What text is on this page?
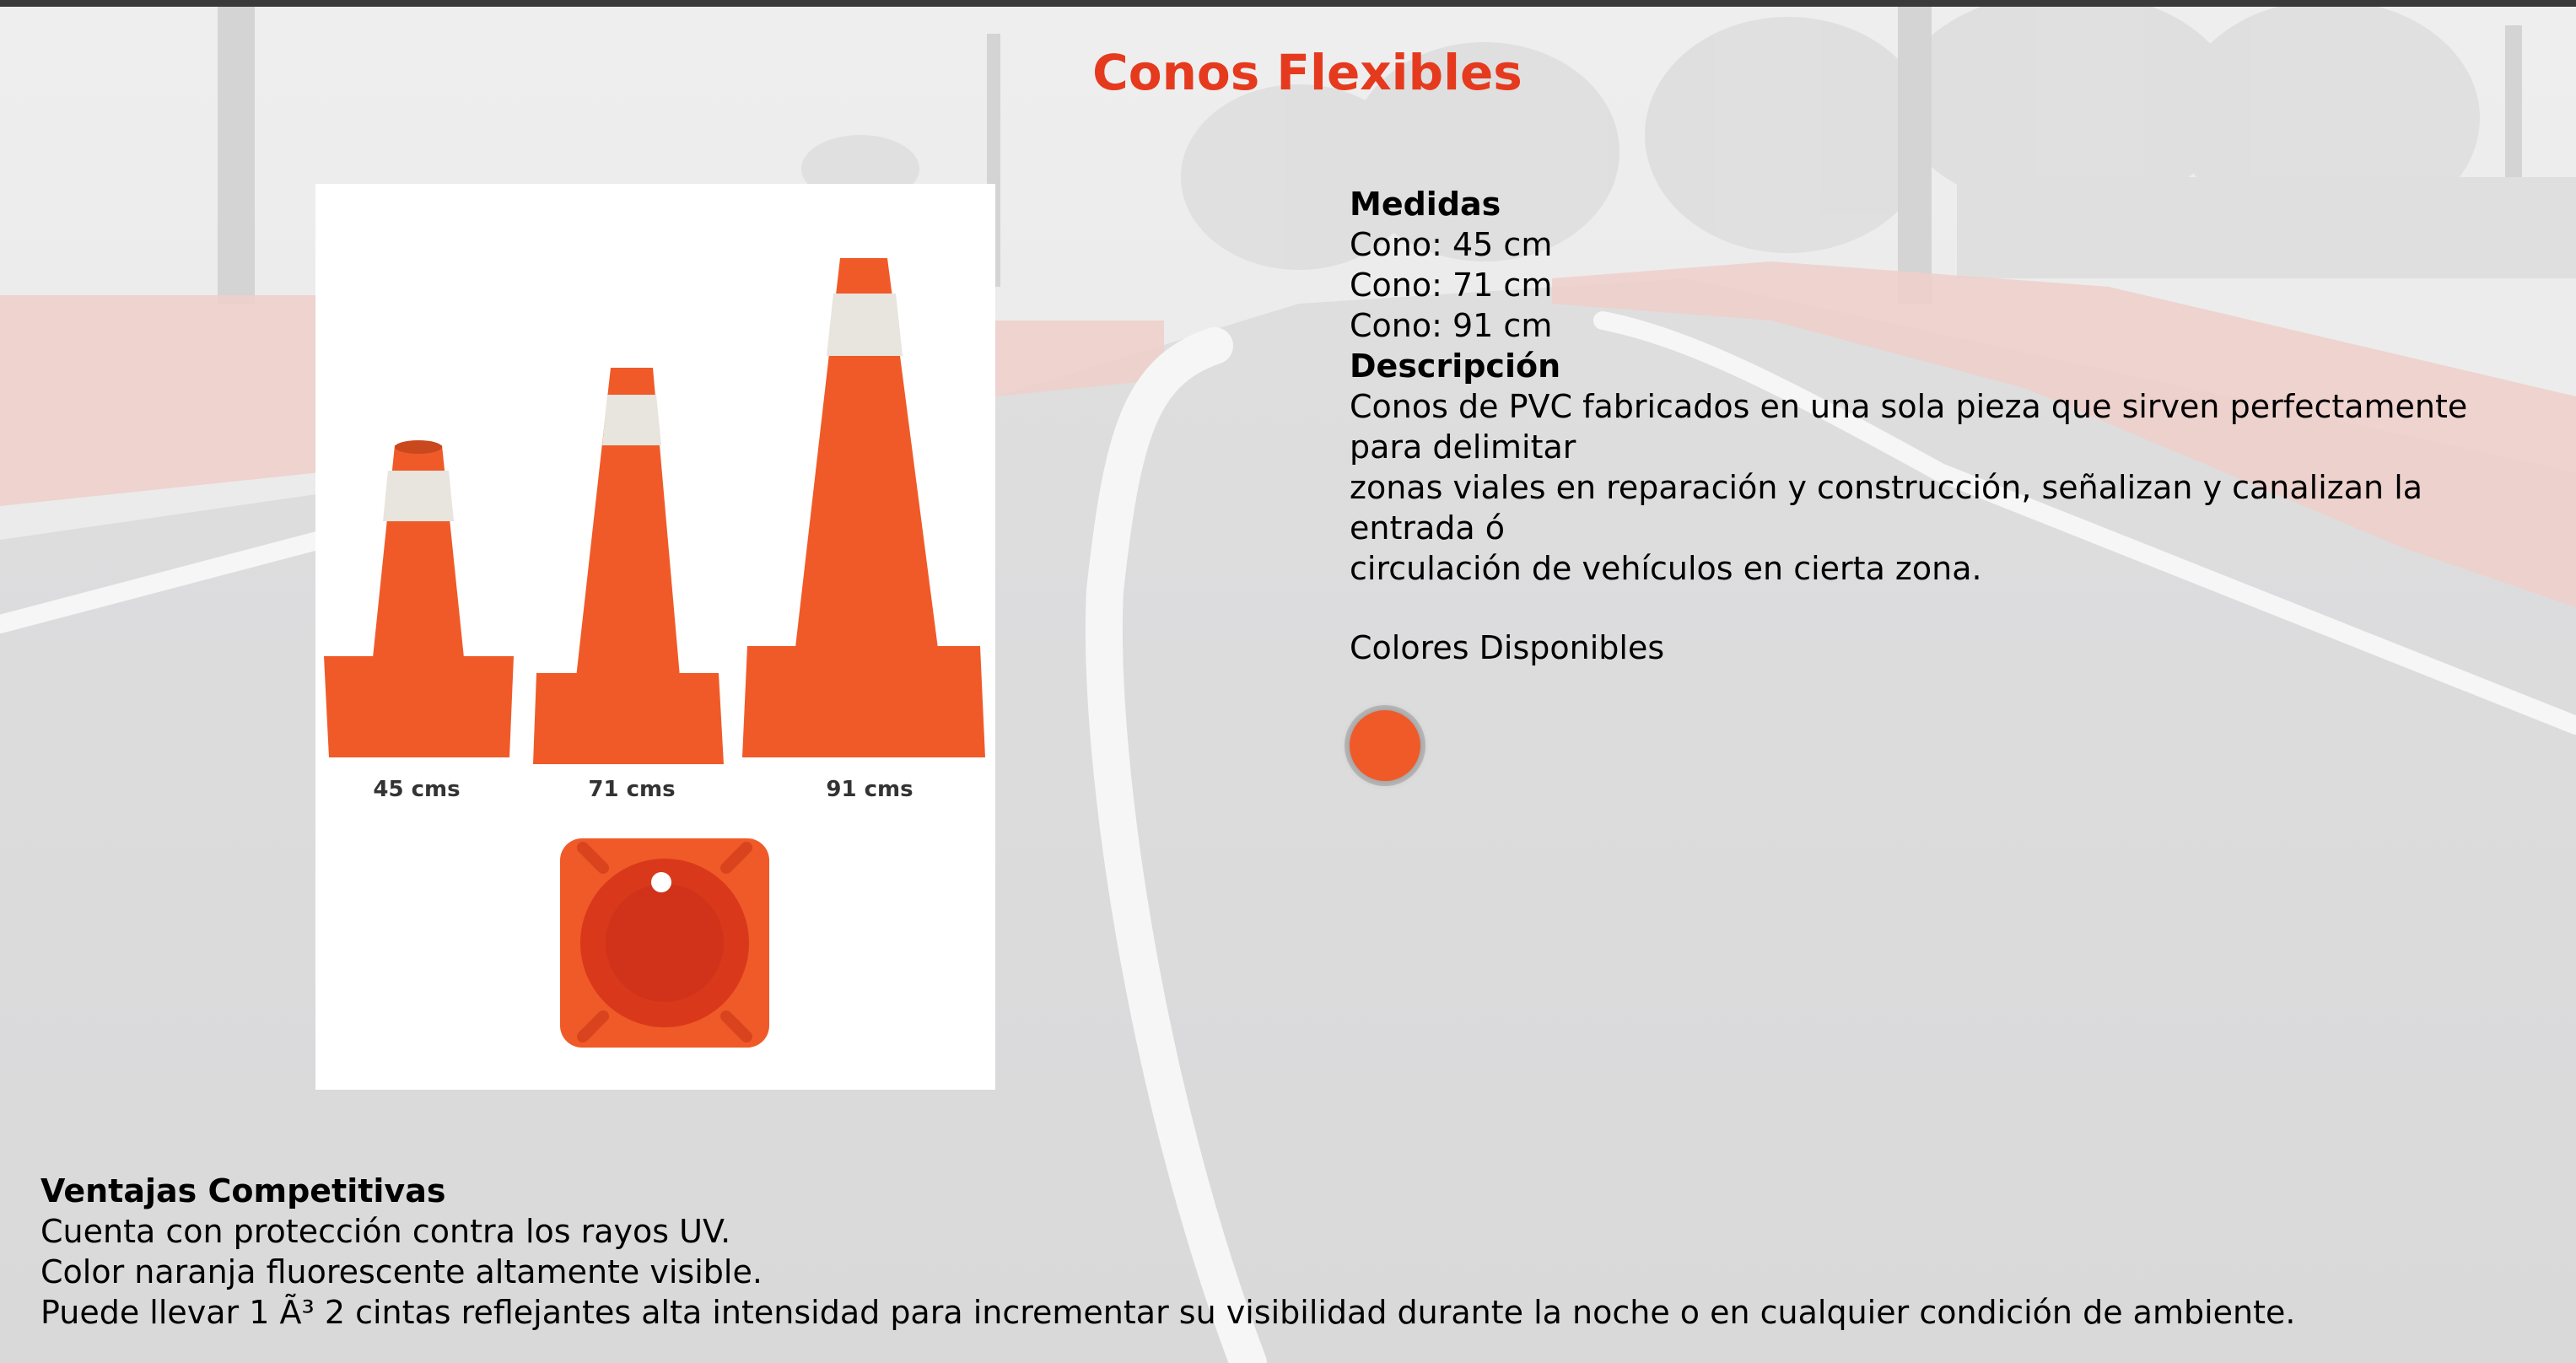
Conos Flexibles
45 cms	71 cms	91 cms

Medidas

Cono: 45 cm

Cono: 71 cm

Cono: 91 cm

Descripción

Conos de PVC fabricados en una sola pieza que sirven perfectamente para delimitar

zonas viales en reparación y construcción, señalizan y canalizan la entrada ó

circulación de vehículos en cierta zona.

Colores Disponibles

Ventajas Competitivas

Cuenta con protección contra los rayos UV.

Color naranja fluorescente altamente visible.

Puede llevar 1 Ã³ 2 cintas reflejantes alta intensidad para incrementar su visibilidad durante la noche o en cualquier condición de ambiente.
